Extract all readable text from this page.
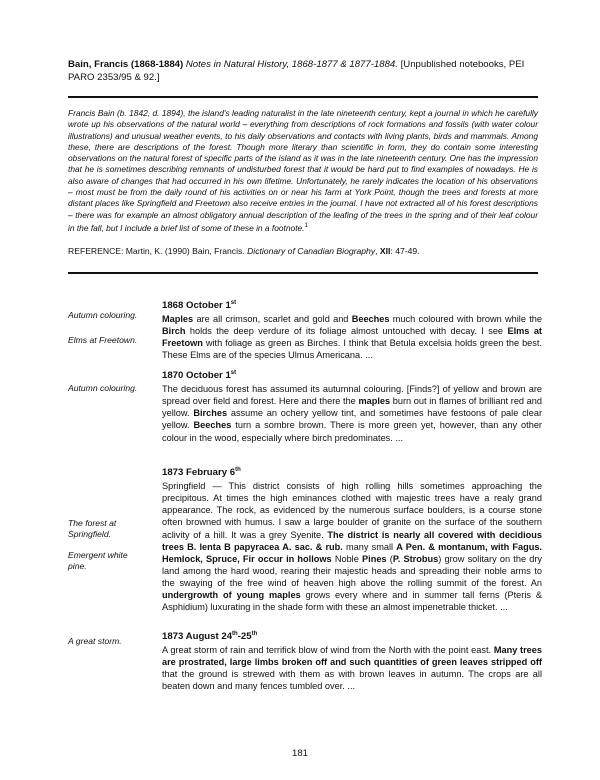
Bain, Francis (1868-1884) Notes in Natural History, 1868-1877 & 1877-1884. [Unpublished notebooks, PEI PARO 2353/95 & 92.]
Francis Bain (b. 1842, d. 1894), the island's leading naturalist in the late nineteenth century, kept a journal in which he carefully wrote up his observations of the natural world – everything from descriptions of rock formations and fossils (with water colour illustrations) and unusual weather events, to his daily observations and contacts with living plants, birds and mammals. Among these, there are descriptions of the forest. Though more literary than scientific in form, they do contain some interesting observations on the natural forest of specific parts of the island as it was in the late nineteenth century. One has the impression that he is sometimes describing remnants of undisturbed forest that it would be hard put to find examples of nowadays. He is also aware of changes that had occurred in his own lifetime. Unfortunately, he rarely indicates the location of his observations – most must be from the daily round of his activities on or near his farm at York Point, though the trees and forests at more distant places like Springfield and Freetown also receive entries in the journal. I have not extracted all of his forest descriptions – there was for example an almost obligatory annual description of the leafing of the trees in the spring and of their leaf colour in the fall, but I include a brief list of some of these in a footnote.$^1$
REFERENCE: Martin, K. (1990) Bain, Francis. Dictionary of Canadian Biography, XII: 47-49.
Autumn colouring.
Elms at Freetown.
Autumn colouring.
The forest at Springfield.
Emergent white pine.
A great storm.
1868 October 1st

Maples are all crimson, scarlet and gold and Beeches much coloured with brown while the Birch holds the deep verdure of its foliage almost untouched with decay. I see Elms at Freetown with foliage as green as Birches. I think that Betula excelsia holds green the best. These Elms are of the species Ulmus Americana. ...

1870 October 1st

The deciduous forest has assumed its autumnal colouring. [Finds?] of yellow and brown are spread over field and forest. Here and there the maples burn out in flames of brilliant red and yellow. Birches assume an ochery yellow tint, and sometimes have festoons of pale clear yellow. Beeches turn a sombre brown. There is more green yet, however, than any other colour in the wood, especially where birch predominates. ...

1873 February 6th

Springfield — This district consists of high rolling hills sometimes approaching the precipitous. At times the high eminances clothed with majestic trees have a realy grand appearance. The rock, as evidenced by the numerous surface boulders, is a course stone often browned with humus. I saw a large boulder of granite on the surface of the southern aclivity of a hill. It was a grey Syenite. The district is nearly all covered with decidious trees B. lenta B papyracea A. sac. & rub. many small A Pen. & montanum, with Fagus. Hemlock, Spruce, Fir occur in hollows Noble Pines (P. Strobus) grow solitary on the dry land among the hard wood, rearing their majestic heads and spreading their noble arms to the swaying of the free wind of heaven high above the rolling summit of the forest. An undergrowth of young maples grows every where and in summer tall ferns (Pteris & Asphidium) luxurating in the shade form with these an almost impenetrable thicket. ...

1873 August 24th-25th

A great storm of rain and terrifick blow of wind from the North with the point east. Many trees are prostrated, large limbs broken off and such quantities of green leaves stripped off that the ground is strewed with them as with brown leaves in autumn. The crops are all beaten down and many fences tumbled over. ...

181
